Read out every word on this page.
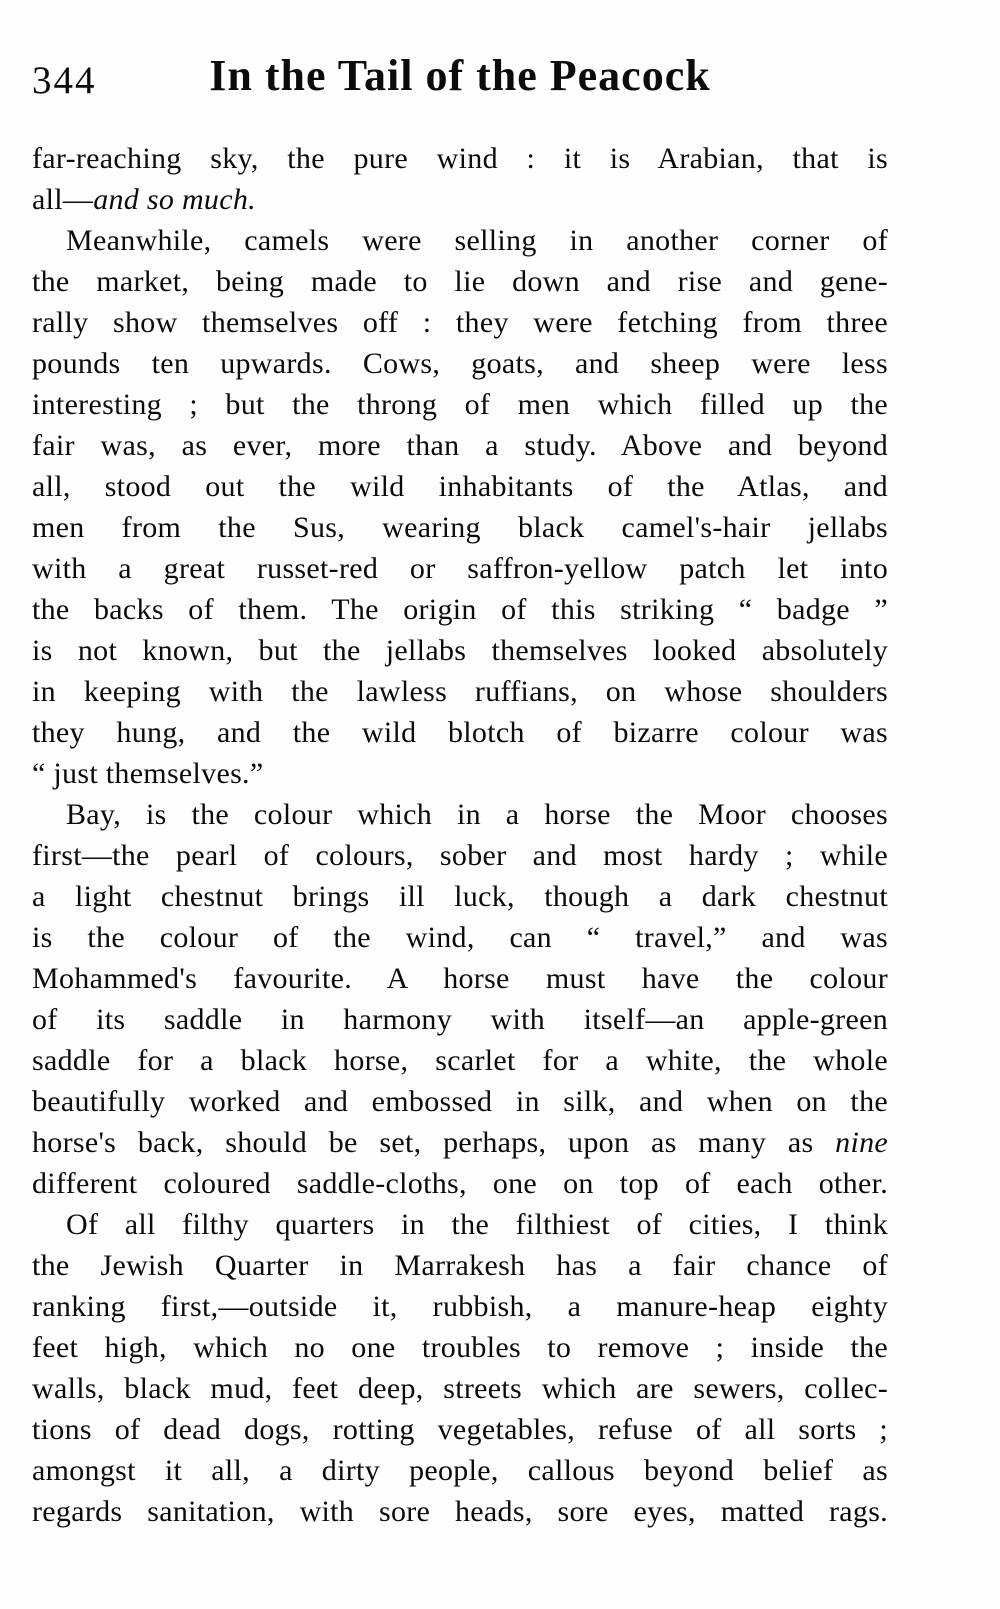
344	In the Tail of the Peacock
far-reaching sky, the pure wind : it is Arabian, that is
all—and so much.
Meanwhile, camels were selling in another corner of
the market, being made to lie down and rise and gene-
rally show themselves off : they were fetching from three
pounds ten upwards. Cows, goats, and sheep were less
interesting ; but the throng of men which filled up the
fair was, as ever, more than a study. Above and beyond
all, stood out the wild inhabitants of the Atlas, and
men from the Sus, wearing black camel's-hair jellabs
with a great russet-red or saffron-yellow patch let into
the backs of them. The origin of this striking “ badge ”
is not known, but the jellabs themselves looked absolutely
in keeping with the lawless ruffians, on whose shoulders
they hung, and the wild blotch of bizarre colour was
“ just themselves.”
Bay, is the colour which in a horse the Moor chooses
first—the pearl of colours, sober and most hardy ; while
a light chestnut brings ill luck, though a dark chestnut
is the colour of the wind, can “ travel,” and was
Mohammed's favourite. A horse must have the colour
of its saddle in harmony with itself—an apple-green
saddle for a black horse, scarlet for a white, the whole
beautifully worked and embossed in silk, and when on the
horse's back, should be set, perhaps, upon as many as nine
different coloured saddle-cloths, one on top of each other.
Of all filthy quarters in the filthiest of cities, I think
the Jewish Quarter in Marrakesh has a fair chance of
ranking first,—outside it, rubbish, a manure-heap eighty
feet high, which no one troubles to remove ; inside the
walls, black mud, feet deep, streets which are sewers, collec-
tions of dead dogs, rotting vegetables, refuse of all sorts ;
amongst it all, a dirty people, callous beyond belief as
regards sanitation, with sore heads, sore eyes, matted rags.
